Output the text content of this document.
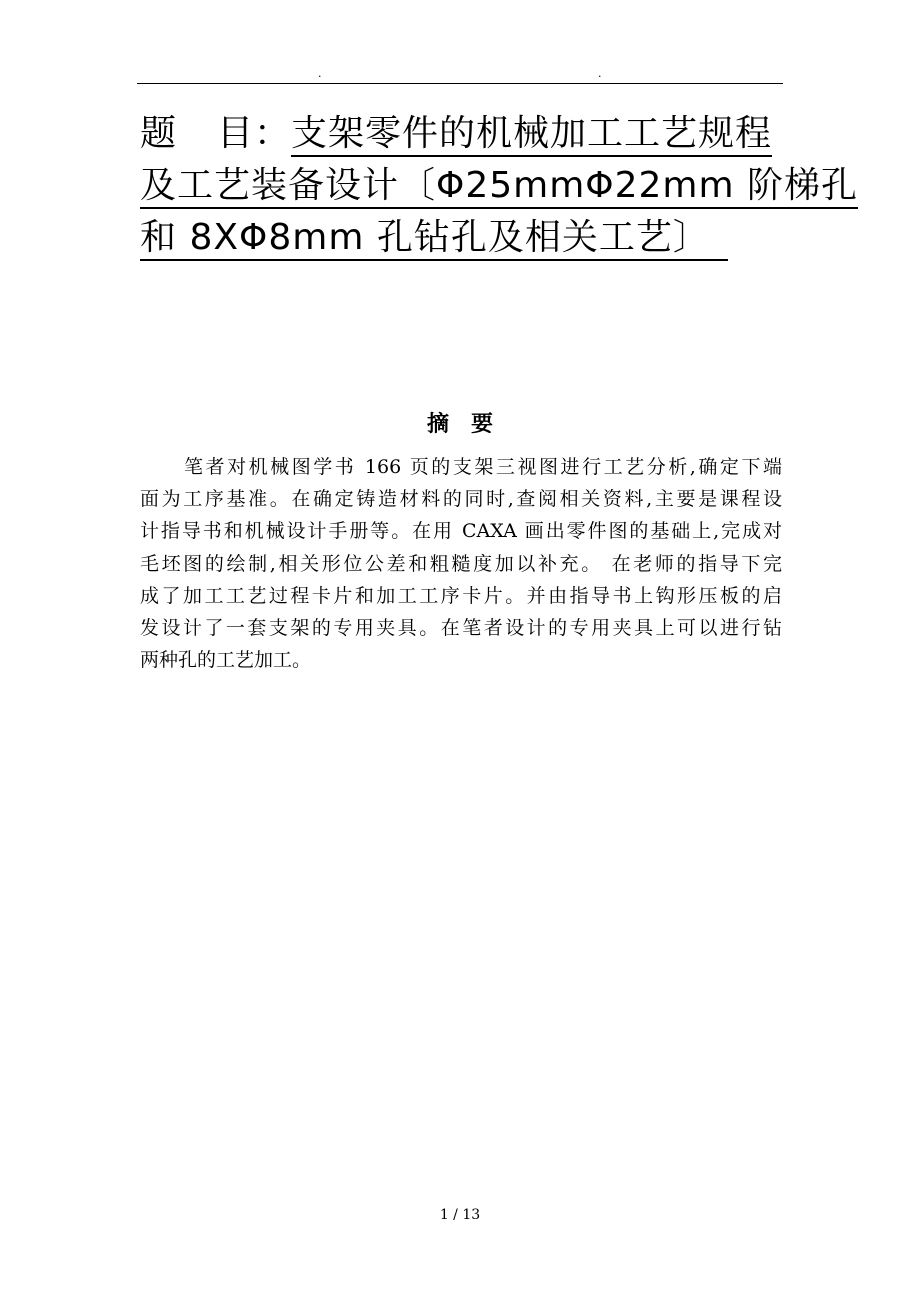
.	.
题 目：支架零件的机械加工工艺规程
及工艺装备设计〔Φ25mmΦ22mm 阶梯孔
和 8XΦ8mm 孔钻孔及相关工艺〕
摘要
笔者对机械图学书 166 页的支架三视图进行工艺分析,确定下端
面为工序基准。在确定铸造材料的同时,查阅相关资料,主要是课程设
计指导书和机械设计手册等。在用 CAXA 画出零件图的基础上,完成对
毛坯图的绘制,相关形位公差和粗糙度加以补充。 在老师的指导下完
成了加工工艺过程卡片和加工工序卡片。并由指导书上钩形压板的启
发设计了一套支架的专用夹具。在笔者设计的专用夹具上可以进行钻
两种孔的工艺加工。
1 / 13
